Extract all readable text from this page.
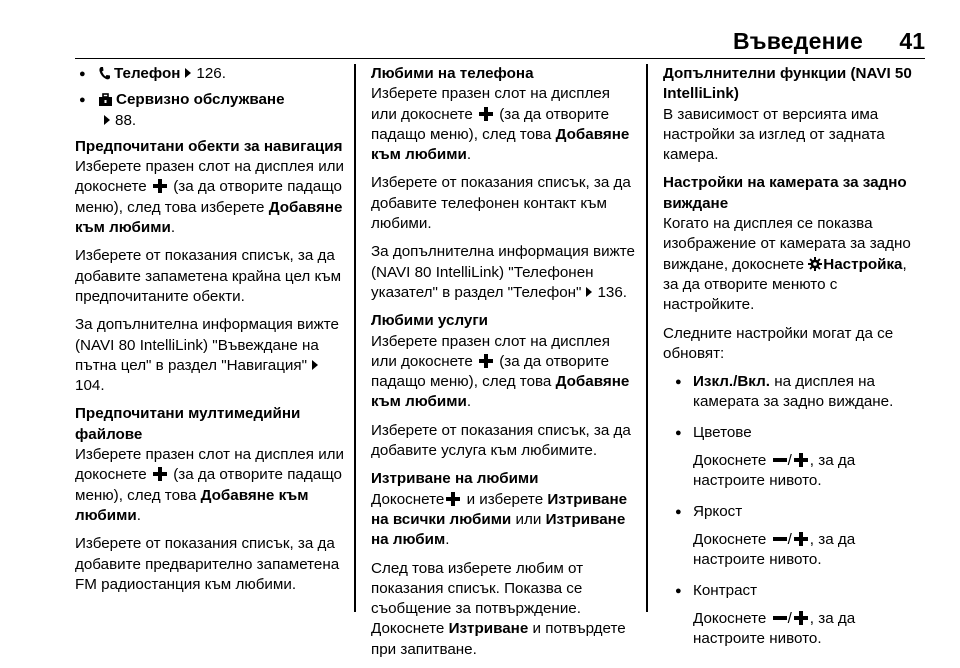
Въведение 41
● Телефон 126.
● Сервизно обслужване
88.
Предпочитани обекти за навигация

Изберете празен слот на дисплея или докоснете (за да отворите падащо меню), след това изберете Добавяне към любими.

Изберете от показания списък, за да добавите запаметена крайна цел към предпочитаните обекти.

За допълнителна информация вижте (NAVI 80 IntelliLink) "Въвеждане на пътна цел" в раздел "Навигация"104.

Предпочитани мултимедийни файлове

Изберете празен слот на дисплея или докоснете (за да отворите падащо меню), след това Добавяне към любими.

Изберете от показания списък, за да добавите предварително запаметена FM радиостанция към любими.

Любими на телефона

Изберете празен слот на дисплея или докоснете (за да отворите падащо меню), след това Добавяне към любими.

Изберете от показания списък, за да добавите телефонен контакт към любими.

За допълнителна информация вижте (NAVI 80 IntelliLink) "Телефонен указател" в раздел "Телефон" 136.

Любими услуги

Изберете празен слот на дисплея или докоснете (за да отворите падащо меню), след това Добавяне към любими.

Изберете от показания списък, за да добавите услуга към любимите.

Изтриване на любими

Докоснете и изберете Изтриване на всички любими или Изтриване на любим.

След това изберете любим от показания списък. Показва се съобщение за потвърждение. Докоснете Изтриване и потвърдете при запитване.

Допълнителни функции (NAVI 50 IntelliLink)

В зависимост от версията има настройки за изглед от задната камера.

Настройки на камерата за задно виждане

Когато на дисплея се показва изображение от камерата за задно виждане, докоснете Настройка, за да отворите менюто с настройките.

Следните настройки могат да се обновят:

● Изкл./Вкл. на дисплея на камерата за задно виждане.
● Цветове
Докоснете / , за да настроите нивото.
● Яркост
Докоснете / , за да настроите нивото.
● Контраст
Докоснете / , за да настроите нивото.
